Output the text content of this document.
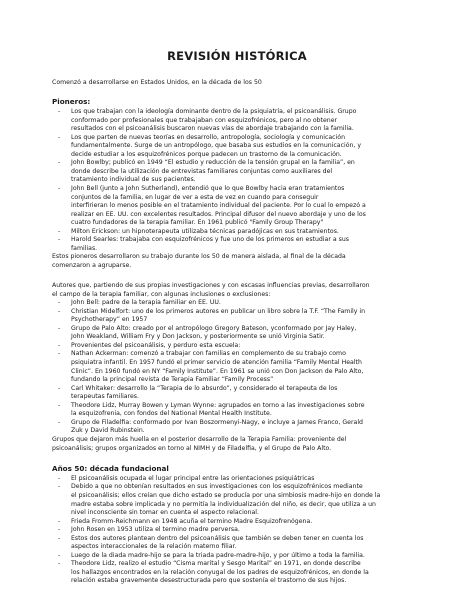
REVISIÓN HISTÓRICA
Comenzó a desarrollarse en Estados Unidos, en la década de los 50
Pioneros:
- Los que trabajan con la ideología dominante dentro de la psiquiatría, el psicoanálisis. Grupo
conformado por profesionales que trabajaban con esquizofrénicos, pero al no obtener
resultados con el psicoanálisis buscaron nuevas vías de abordaje trabajando con la familia.
- Los que parten de nuevas teorías en desarrollo, antropología, sociología y comunicación
fundamentalmente. Surge de un antropólogo, que basaba sus estudios en la comunicación, y
decide estudiar a los esquizofrénicos porque padecen un trastorno de la comunicación.
- John Bowlby; publicó en 1949 “El estudio y reducción de la tensión grupal en la familia”, en
donde describe la utilización de entrevistas familiares conjuntas como auxiliares del
tratamiento individual de sus pacientes.
- John Bell (junto a John Sutherland), entendió que lo que Bowlby hacia eran tratamientos
conjuntos de la familia, en lugar de ver a esta de vez en cuando para conseguir
interfirieran lo menos posible en el tratamiento individual del paciente. Por lo cual lo empezó a
realizar en EE. UU. con excelentes resultados. Principal difusor del nuevo abordaje y uno de los
cuatro fundadores de la terapia familiar. En 1961 publicó "Family Group Therapy"
- Milton Erickson: un hipnoterapeuta utilizaba técnicas paradójicas en sus tratamientos.
- Harold Searles: trabajaba con esquizofrénicos y fue uno de los primeros en estudiar a sus
familias.
Estos pioneros desarrollaron su trabajo durante los 50 de manera aislada, al final de la década
comenzaron a agruparse.
Autores que, partiendo de sus propias investigaciones y con escasas influencias previas, desarrollaron
el campo de la terapia familiar, con algunas inclusiones o exclusiones:
- John Bell: padre de la terapia familiar en EE. UU.
- Christian Midelfort: uno de los primeros autores en publicar un libro sobre la T.F. “The Family in
Psychotherapy” en 1957
- Grupo de Palo Alto: creado por el antropólogo Gregory Bateson, yconformado por Jay Haley,
John Weakland, William Fry y Don Jackson, y posteriormente se unió Virginia Satir.
- Provenientes del psicoanálisis, y perduro esta escuela:
- Nathan Ackerman: comenzó a trabajar con familias en complemento de su trabajo como
psiquiatra infantil. En 1957 fundó el primer servicio de atención familia “Family Mental Health
Clinic”. En 1960 fundó en NY “Family Institute”. En 1961 se unió con Don Jackson de Palo Alto,
fundando la principal revista de Terapia Familiar “Family Process”
- Carl Whitaker: desarrollo la “Terapia de lo absurdo”, y considerado el terapeuta de los
terapeutas familiares.
- Theodore Lidz, Murray Bowen y Lyman Wynne: agrupados en torno a las investigaciones sobre
la esquizofrenia, con fondos del National Mental Health Institute.
- Grupo de Filadelfia: conformado por Ivan Boszormenyi-Nagy, e incluye a James Franco, Gerald
Zuk y David Rubinstein.
Grupos que dejaron más huella en el posterior desarrollo de la Terapia Familia: proveniente del
psicoanálisis; grupos organizados en torno al NIMH y de Filadelfia, y el Grupo de Palo Alto.
Años 50: década fundacional
- El psicoanálisis ocupada el lugar principal entre las orientaciones psiquiátricas
- Debido a que no obtenían resultados en sus investigaciones con los esquizofrénicos mediante
el psicoanálisis; ellos creían que dicho estado se producía por una simbiosis madre-hijo en donde la
madre estaba sobre implicada y no permitía la individualización del niño, es decir, que utiliza a un
nivel inconsciente sin tomar en cuenta el aspecto relacional.
- Frieda Fromm-Reichmann en 1948 acuña el termino Madre Esquizofrenógena.
- John Rosen en 1953 utiliza el termino madre perversa.
- Estos dos autores plantean dentro del psicoanálisis que también se deben tener en cuenta los
aspectos interaccionales de la relación materno filiar.
- Luego de la diada madre-hijo se para la triada padre-madre-hijo, y por último a toda la familia.
- Theodore Lidz, realizo el estudio “Cisma marital y Sesgo Marital” en 1971, en donde describe
los hallazgos encontrados en la relación conyugal de los padres de esquizofrénicos, en donde la
relación estaba gravemente desestructurada pero que sostenía el trastorno de sus hijos.
